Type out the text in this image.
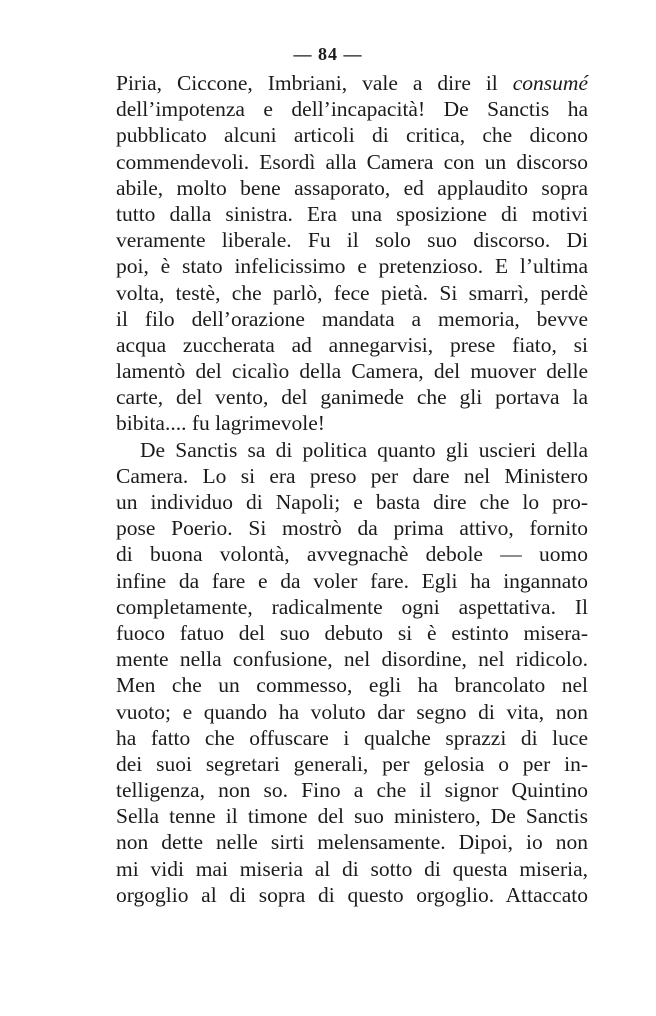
— 84 —
Piria, Ciccone, Imbriani, vale a dire il consumé
dell’impotenza e dell’incapacità! De Sanctis ha
pubblicato alcuni articoli di critica, che dicono
commendevoli. Esordì alla Camera con un discorso
abile, molto bene assaporato, ed applaudito sopra
tutto dalla sinistra. Era una sposizione di motivi
veramente liberale. Fu il solo suo discorso. Di
poi, è stato infelicissimo e pretenzioso. E l’ultima
volta, testè, che parlò, fece pietà. Si smarrì, perdè
il filo dell’orazione mandata a memoria, bevve
acqua zuccherata ad annegarvisi, prese fiato, si
lamentò del cicalìo della Camera, del muover delle
carte, del vento, del ganimede che gli portava la
bibita.... fu lagrimevole!
De Sanctis sa di politica quanto gli uscieri della
Camera. Lo si era preso per dare nel Ministero
un individuo di Napoli; e basta dire che lo pro-
pose Poerio. Si mostrò da prima attivo, fornito
di buona volontà, avvegnachè debole — uomo
infine da fare e da voler fare. Egli ha ingannato
completamente, radicalmente ogni aspettativa. Il
fuoco fatuo del suo debuto si è estinto misera-
mente nella confusione, nel disordine, nel ridicolo.
Men che un commesso, egli ha brancolato nel
vuoto; e quando ha voluto dar segno di vita, non
ha fatto che offuscare i qualche sprazzi di luce
dei suoi segretari generali, per gelosia o per in-
telligenza, non so. Fino a che il signor Quintino
Sella tenne il timone del suo ministero, De Sanctis
non dette nelle sirti melensamente. Dipoi, io non
mi vidi mai miseria al di sotto di questa miseria,
orgoglio al di sopra di questo orgoglio. Attaccato
